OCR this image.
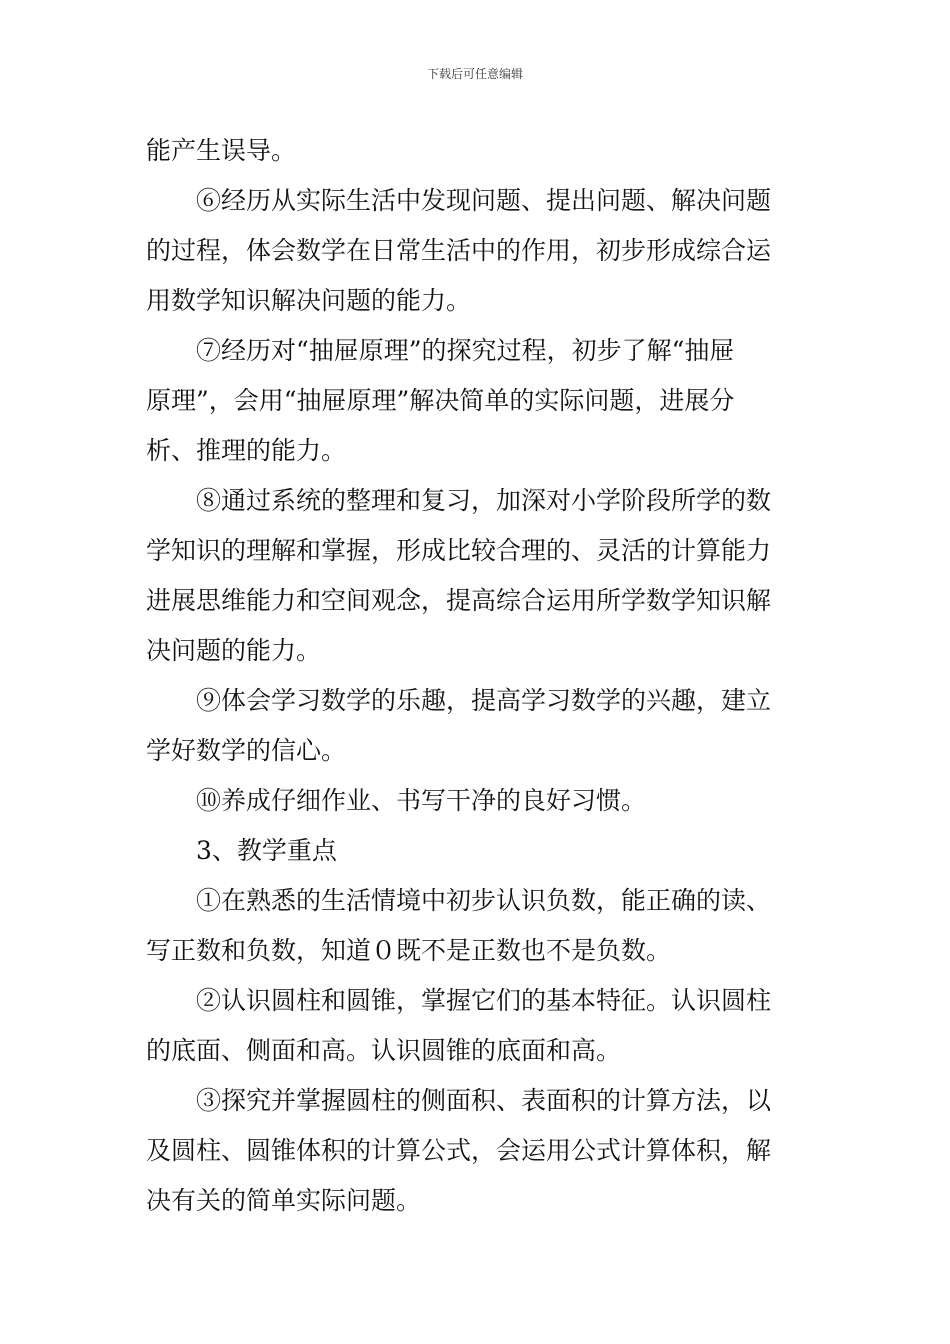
下载后可任意编辑

能产生误导。

⑥经历从实际生活中发现问题、提出问题、解决问题

的过程，体会数学在日常生活中的作用，初步形成综合运

用数学知识解决问题的能力。

⑦经历对“抽屉原理”的探究过程，初步了解“抽屉

原理”，会用“抽屉原理”解决简单的实际问题，进展分

析、推理的能力。

⑧通过系统的整理和复习，加深对小学阶段所学的数

学知识的理解和掌握，形成比较合理的、灵活的计算能力

进展思维能力和空间观念，提高综合运用所学数学知识解

决问题的能力。

⑨体会学习数学的乐趣，提高学习数学的兴趣，建立

学好数学的信心。

⑩养成仔细作业、书写干净的良好习惯。

3、教学重点

①在熟悉的生活情境中初步认识负数，能正确的读、

写正数和负数，知道０既不是正数也不是负数。

②认识圆柱和圆锥，掌握它们的基本特征。认识圆柱

的底面、侧面和高。认识圆锥的底面和高。

③探究并掌握圆柱的侧面积、表面积的计算方法，以

及圆柱、圆锥体积的计算公式，会运用公式计算体积，解

决有关的简单实际问题。
